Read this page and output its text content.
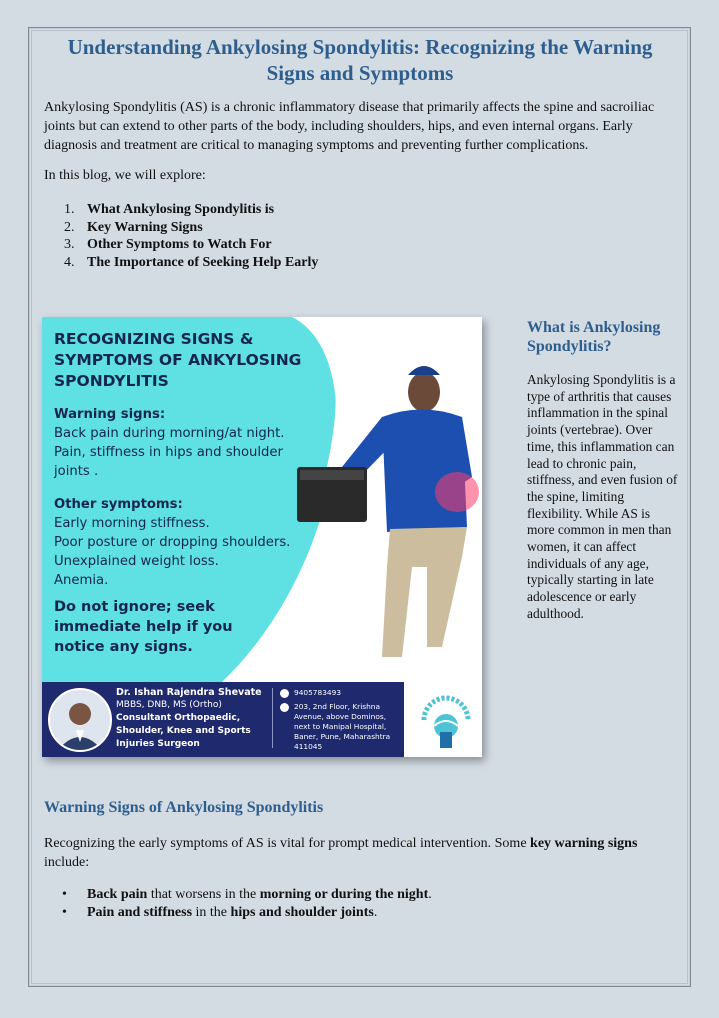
Understanding Ankylosing Spondylitis: Recognizing the Warning Signs and Symptoms
Ankylosing Spondylitis (AS) is a chronic inflammatory disease that primarily affects the spine and sacroiliac joints but can extend to other parts of the body, including shoulders, hips, and even internal organs. Early diagnosis and treatment are critical to managing symptoms and preventing further complications.
In this blog, we will explore:
1. What Ankylosing Spondylitis is
2. Key Warning Signs
3. Other Symptoms to Watch For
4. The Importance of Seeking Help Early
RECOGNIZING SIGNS & SYMPTOMS OF ANKYLOSING SPONDYLITIS
Warning signs:
Back pain during morning/at night.
Pain, stiffness in hips and shoulder joints .
Other symptoms:
Early morning stiffness.
Poor posture or dropping shoulders.
Unexplained weight loss.
Anemia.
Do not ignore; seek immediate help if you notice any signs.
Dr. Ishan Rajendra Shevate
MBBS, DNB, MS (Ortho)
Consultant Orthopaedic, Shoulder, Knee and Sports Injuries Surgeon
9405783493
203, 2nd Floor, Krishna Avenue, above Dominos, next to Manipal Hospital, Baner, Pune, Maharashtra 411045
What is Ankylosing Spondylitis?
Ankylosing Spondylitis is a type of arthritis that causes inflammation in the spinal joints (vertebrae). Over time, this inflammation can lead to chronic pain, stiffness, and even fusion of the spine, limiting flexibility. While AS is more common in men than women, it can affect individuals of any age, typically starting in late adolescence or early adulthood.
Warning Signs of Ankylosing Spondylitis
Recognizing the early symptoms of AS is vital for prompt medical intervention. Some key warning signs include:
•	Back pain that worsens in the morning or during the night.
•	Pain and stiffness in the hips and shoulder joints.
